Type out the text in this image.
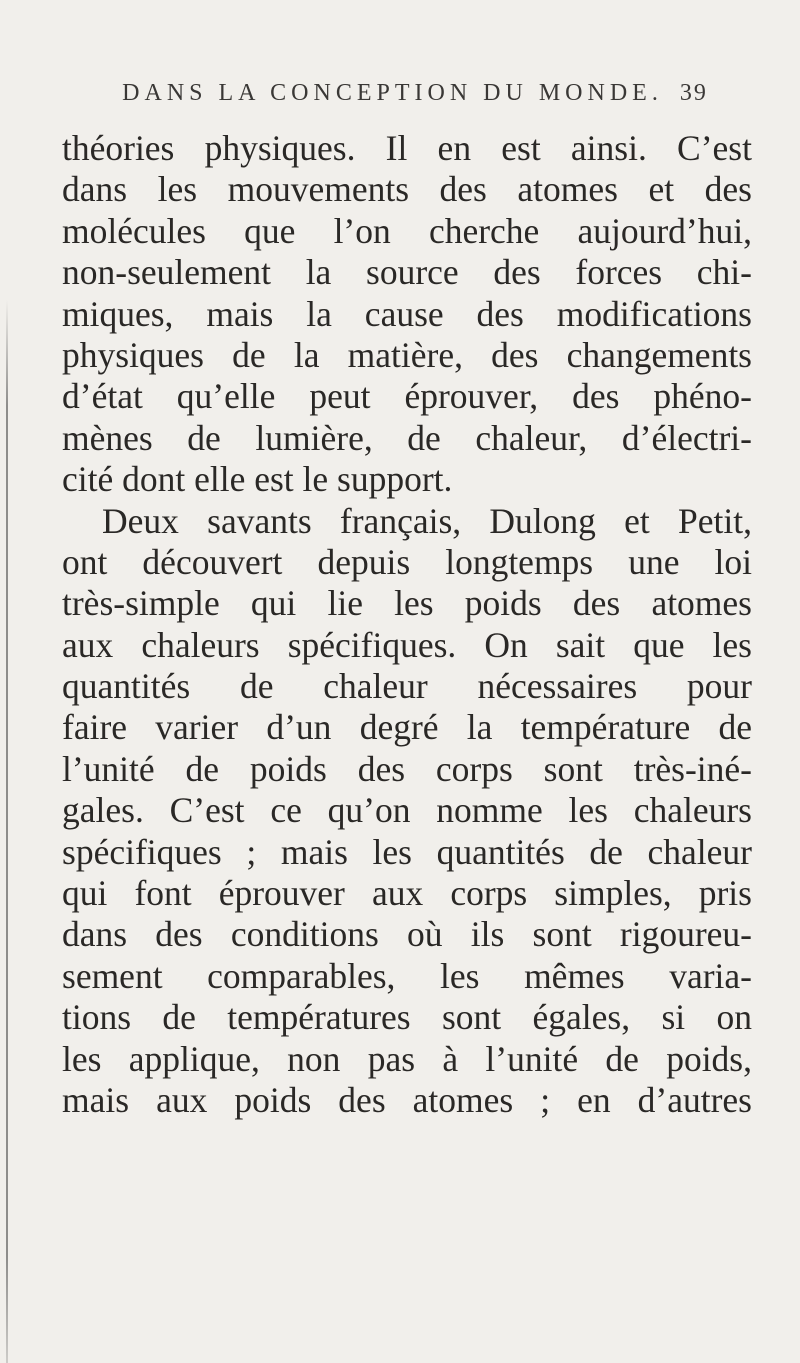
DANS LA CONCEPTION DU MONDE. 39
théories physiques. Il en est ainsi. C’est
dans les mouvements des atomes et des
molécules que l’on cherche aujourd’hui,
non-seulement la source des forces chi-
miques, mais la cause des modifications
physiques de la matière, des changements
d’état qu’elle peut éprouver, des phéno-
mènes de lumière, de chaleur, d’électri-
cité dont elle est le support.
Deux savants français, Dulong et Petit,
ont découvert depuis longtemps une loi
très-simple qui lie les poids des atomes
aux chaleurs spécifiques. On sait que les
quantités de chaleur nécessaires pour
faire varier d’un degré la température de
l’unité de poids des corps sont très-iné-
gales. C’est ce qu’on nomme les chaleurs
spécifiques ; mais les quantités de chaleur
qui font éprouver aux corps simples, pris
dans des conditions où ils sont rigoureu-
sement comparables, les mêmes varia-
tions de températures sont égales, si on
les applique, non pas à l’unité de poids,
mais aux poids des atomes ; en d’autres
